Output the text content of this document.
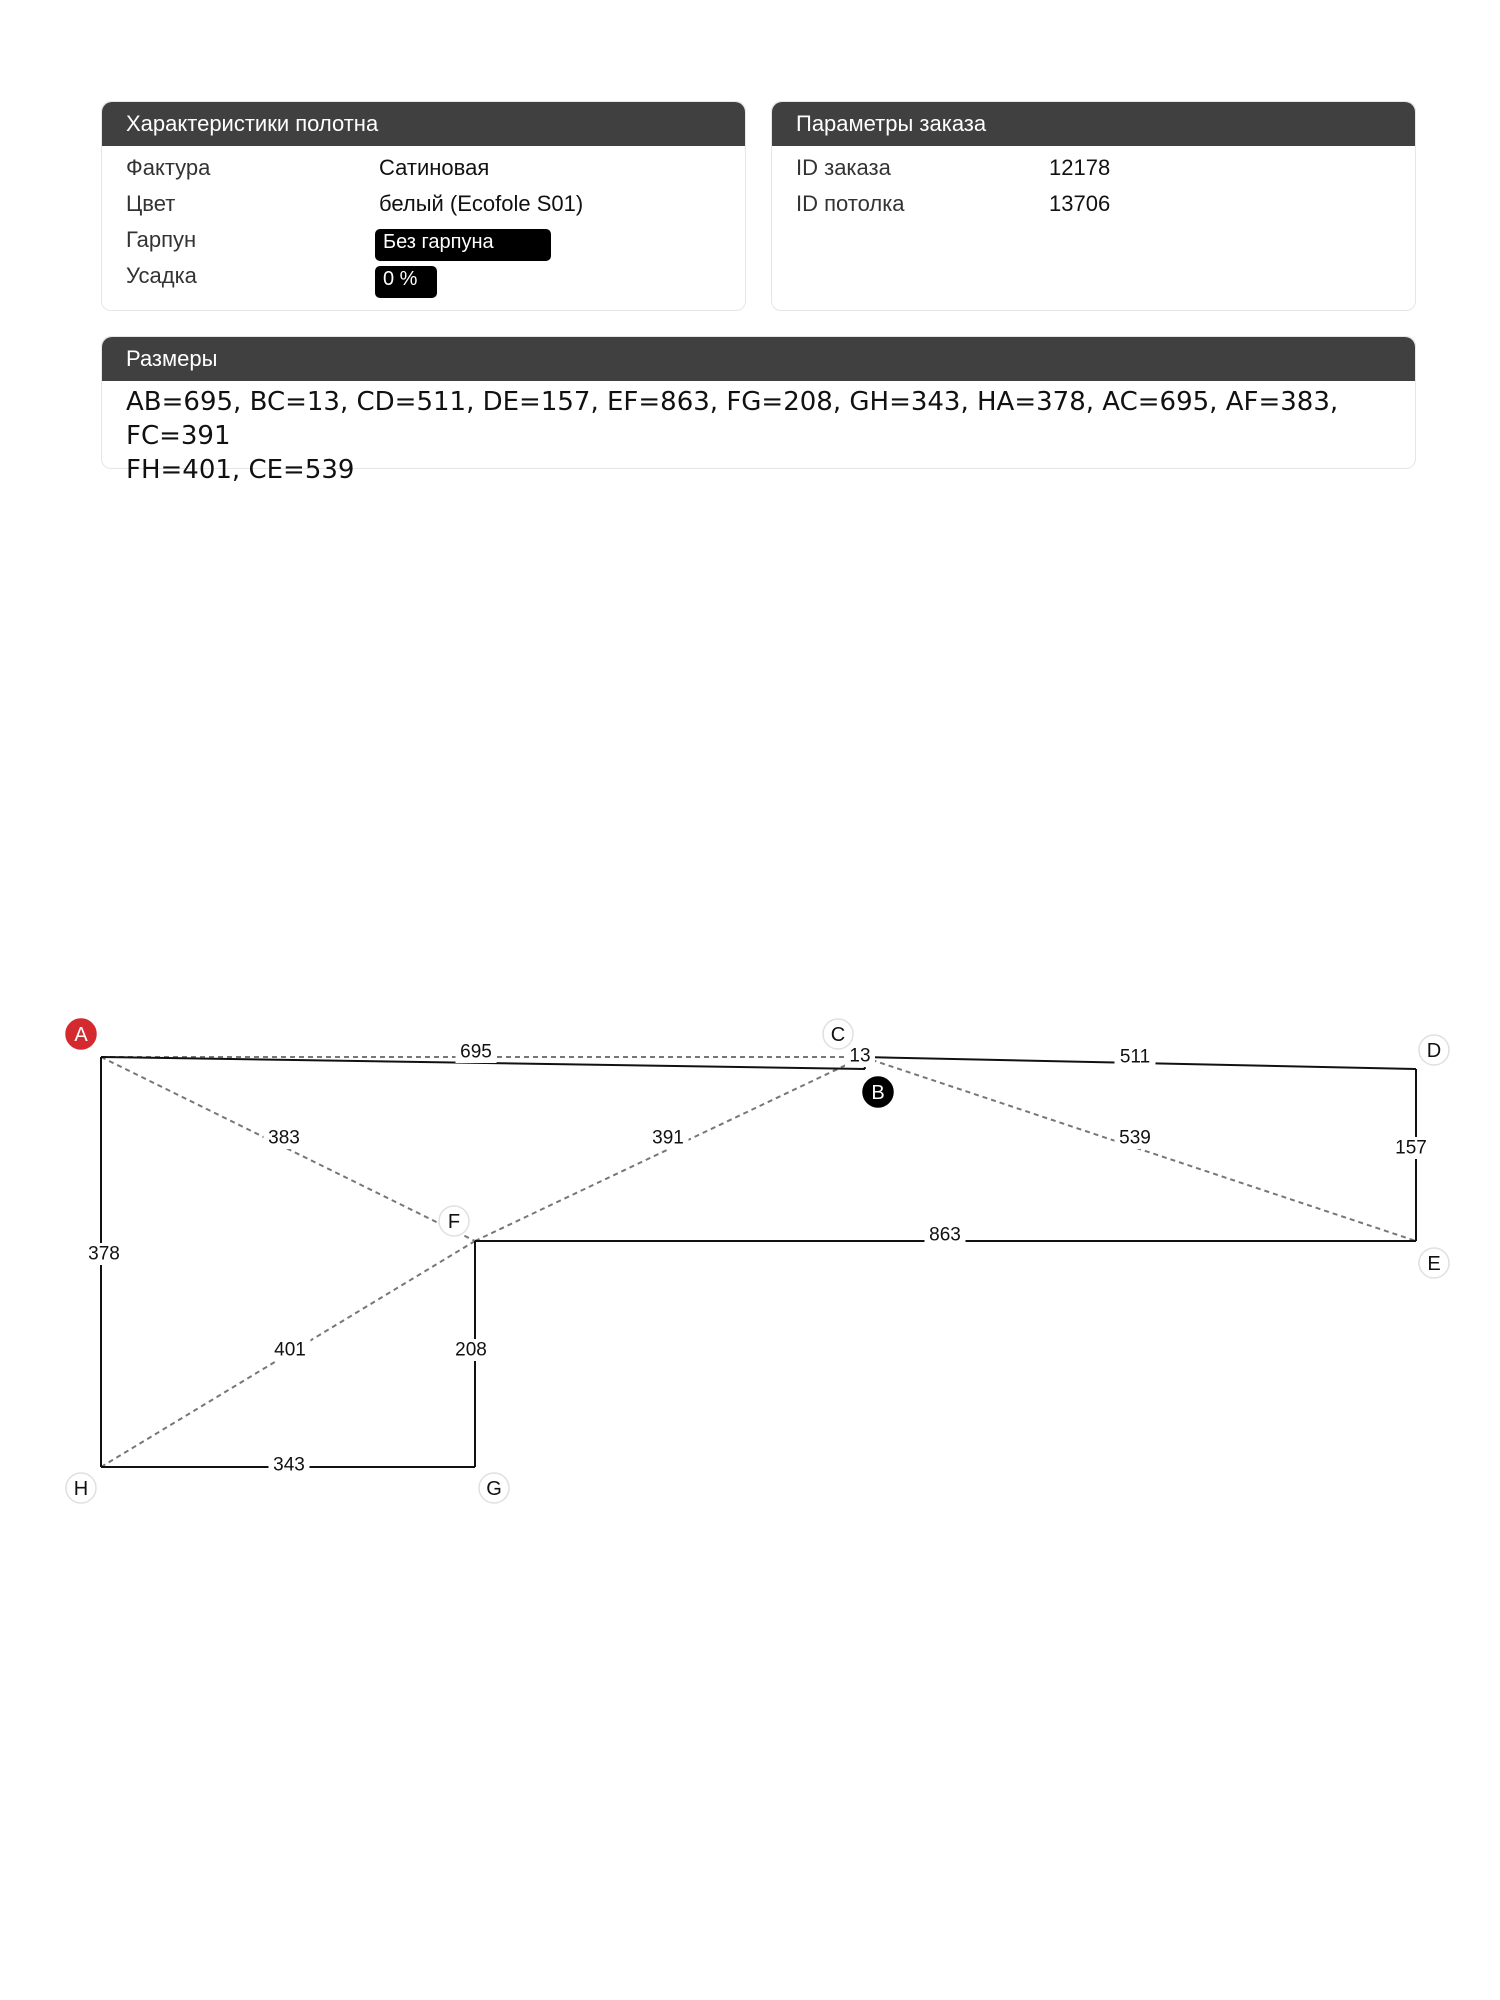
Характеристики полотна
Фактура	Сатиновая
Цвет	белый (Ecofole S01)
Гарпун	Без гарпуна
Усадка	0 %
Параметры заказа
ID заказа	12178
ID потолка	13706
Размеры
AB=695, BC=13, CD=511, DE=157, EF=863, FG=208, GH=343, HA=378, AC=695, AF=383, FC=391
FH=401, CE=539
383	391
401
539
695	13	511
157
863
208
343
378
A
B
C
D
E
F
G
H
